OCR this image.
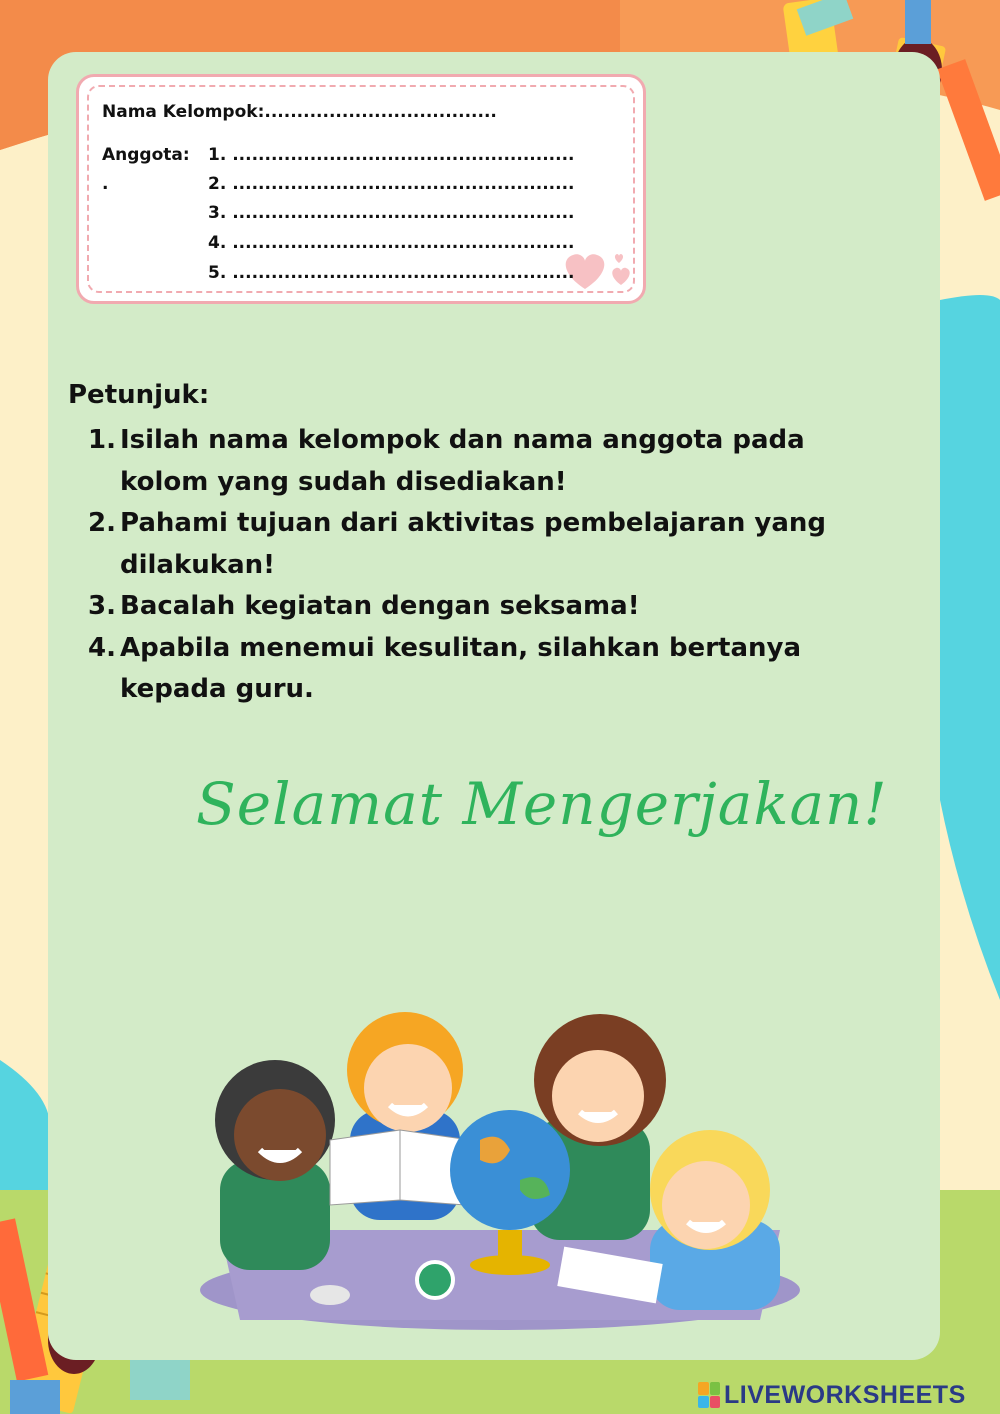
Nama Kelompok:....................................
Anggota:
.
1. .....................................................
2. .....................................................
3. .....................................................
4. .....................................................
5. .....................................................
Petunjuk:
1. Isilah nama kelompok dan nama anggota pada kolom yang sudah disediakan!
2. Pahami tujuan dari aktivitas pembelajaran yang dilakukan!
3. Bacalah kegiatan dengan seksama!
4. Apabila menemui kesulitan, silahkan bertanya kepada guru.
Selamat Mengerjakan!
LIVEWORKSHEETS
